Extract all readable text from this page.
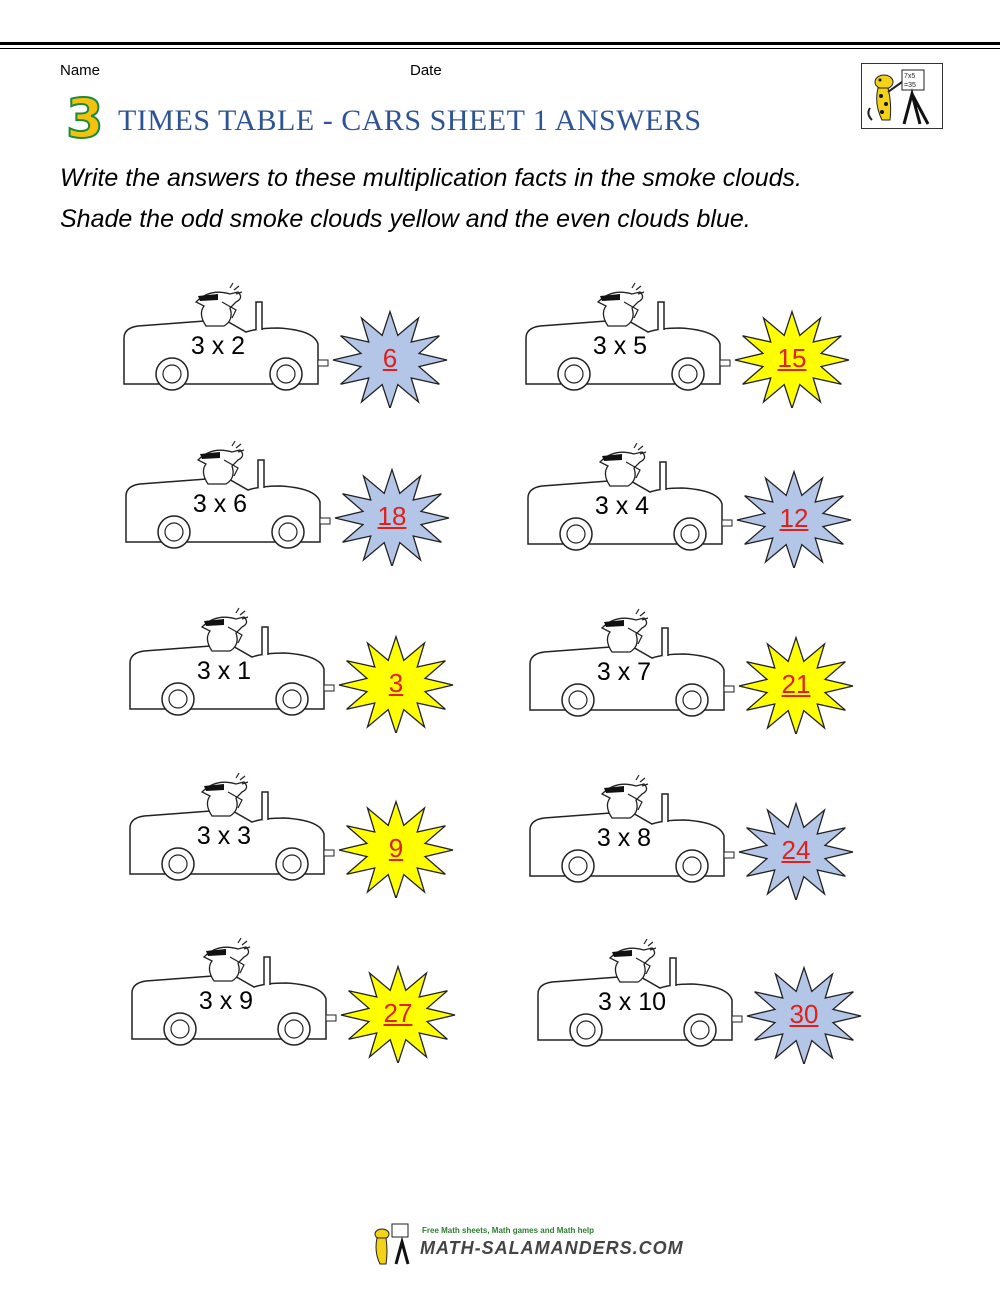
Name	Date
3 TIMES TABLE - CARS SHEET 1 ANSWERS
7x5
=35
Write the answers to these multiplication facts in the smoke clouds.
Shade the odd smoke clouds yellow and the even clouds blue.
3 x 2	6	3 x 5	15
3 x 6	18	3 x 4	12
3 x 1	3	3 x 7	21
3 x 3	9	3 x 8	24
3 x 9	27	3 x 10	30
Free Math sheets, Math games and Math help
MATH-SALAMANDERS.COM
